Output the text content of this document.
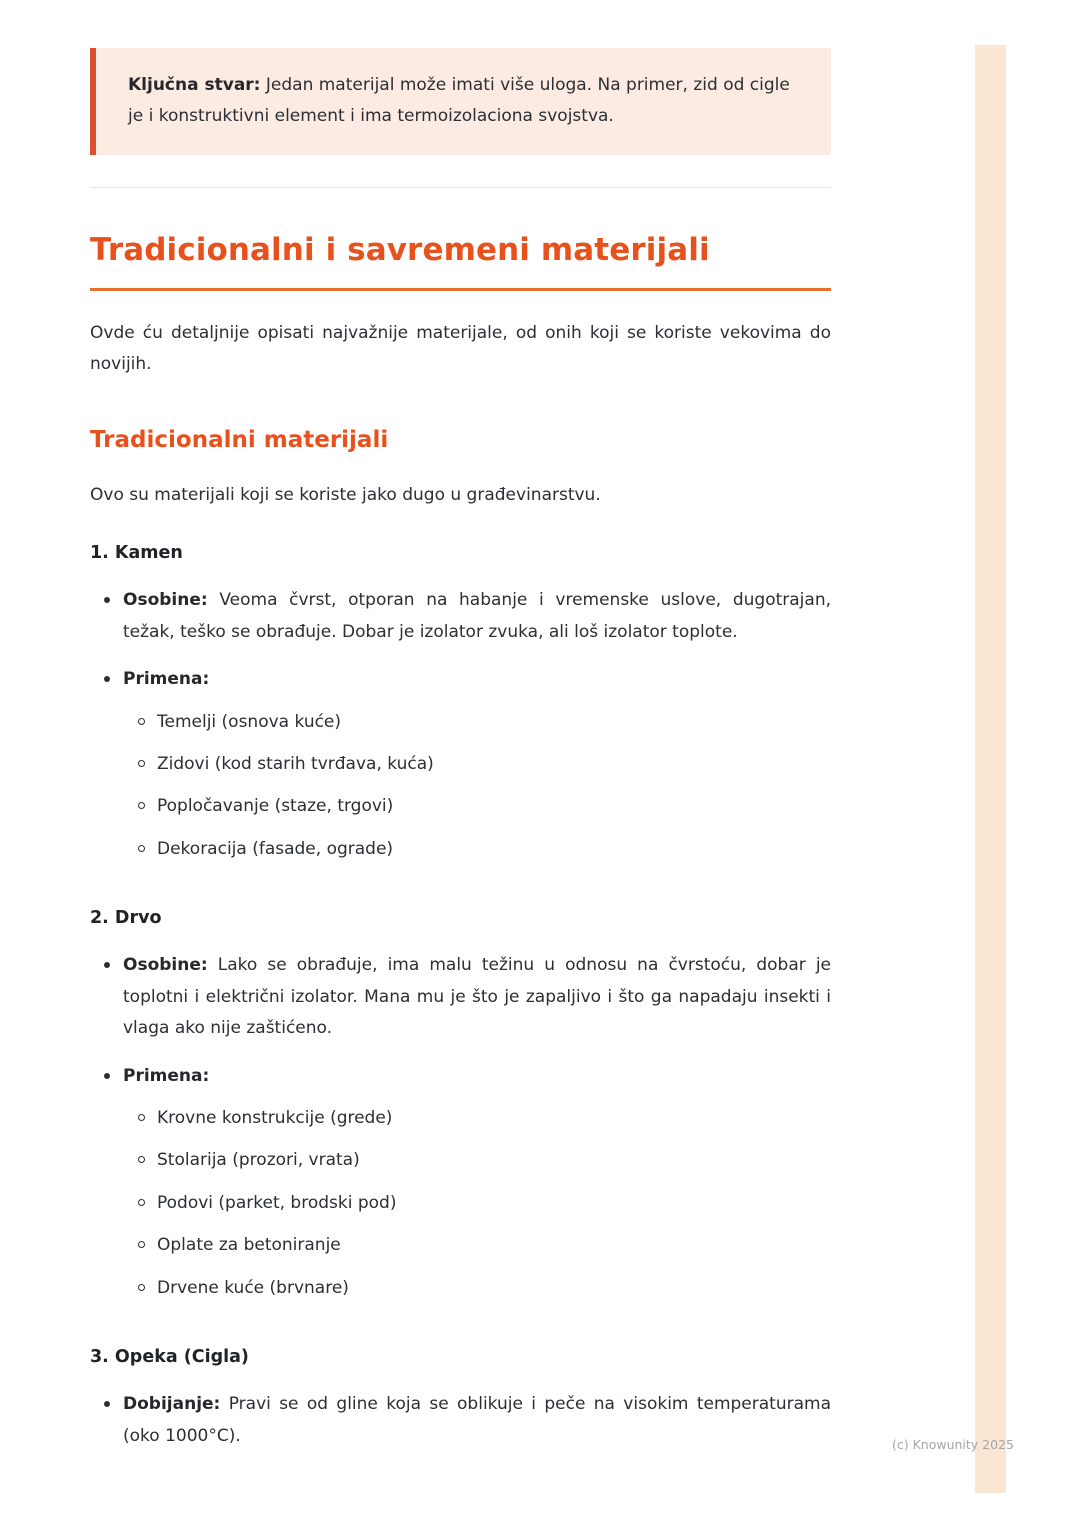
Ključna stvar: Jedan materijal može imati više uloga. Na primer, zid od cigle je i konstruktivni element i ima termoizolaciona svojstva.

Tradicionalni i savremeni materijali

Ovde ću detaljnije opisati najvažnije materijale, od onih koji se koriste vekovima do novijih.

Tradicionalni materijali

Ovo su materijali koji se koriste jako dugo u građevinarstvu.

1. Kamen
Osobine: Veoma čvrst, otporan na habanje i vremenske uslove, dugotrajan, težak, teško se obrađuje. Dobar je izolator zvuka, ali loš izolator toplote.
Primena:
Temelji (osnova kuće)
Zidovi (kod starih tvrđava, kuća)
Popločavanje (staze, trgovi)
Dekoracija (fasade, ograde)
2. Drvo
Osobine: Lako se obrađuje, ima malu težinu u odnosu na čvrstoću, dobar je toplotni i električni izolator. Mana mu je što je zapaljivo i što ga napadaju insekti i vlaga ako nije zaštićeno.
Primena:
Krovne konstrukcije (grede)
Stolarija (prozori, vrata)
Podovi (parket, brodski pod)
Oplate za betoniranje
Drvene kuće (brvnare)
3. Opeka (Cigla)
Dobijanje: Pravi se od gline koja se oblikuje i peče na visokim temperaturama (oko 1000°C).	(c) Knowunity 2025
